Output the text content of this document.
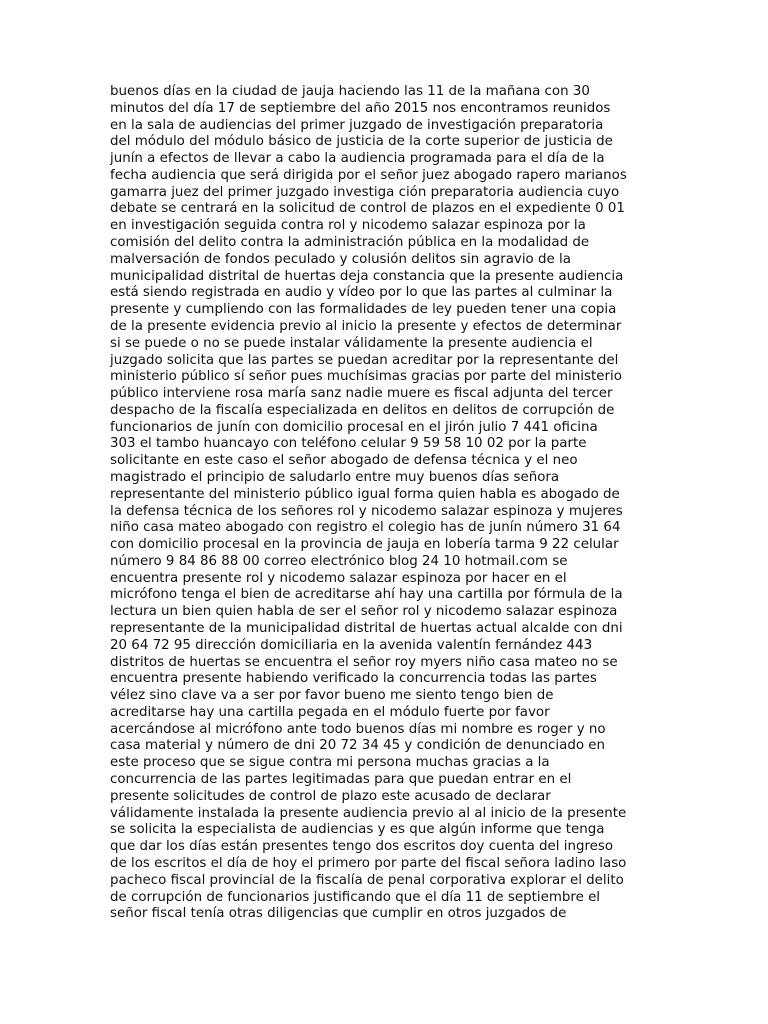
buenos días en la ciudad de jauja haciendo las 11 de la mañana con 30
minutos del día 17 de septiembre del año 2015 nos encontramos reunidos
en la sala de audiencias del primer juzgado de investigación preparatoria
del módulo del módulo básico de justicia de la corte superior de justicia de
junín a efectos de llevar a cabo la audiencia programada para el día de la
fecha audiencia que será dirigida por el señor juez abogado rapero marianos
gamarra juez del primer juzgado investiga ción preparatoria audiencia cuyo
debate se centrará en la solicitud de control de plazos en el expediente 0 01
en investigación seguida contra rol y nicodemo salazar espinoza por la
comisión del delito contra la administración pública en la modalidad de
malversación de fondos peculado y colusión delitos sin agravio de la
municipalidad distrital de huertas deja constancia que la presente audiencia
está siendo registrada en audio y vídeo por lo que las partes al culminar la
presente y cumpliendo con las formalidades de ley pueden tener una copia
de la presente evidencia previo al inicio la presente y efectos de determinar
si se puede o no se puede instalar válidamente la presente audiencia el
juzgado solicita que las partes se puedan acreditar por la representante del
ministerio público sí señor pues muchísimas gracias por parte del ministerio
público interviene rosa maría sanz nadie muere es fiscal adjunta del tercer
despacho de la fiscalía especializada en delitos en delitos de corrupción de
funcionarios de junín con domicilio procesal en el jirón julio 7 441 oficina
303 el tambo huancayo con teléfono celular 9 59 58 10 02 por la parte
solicitante en este caso el señor abogado de defensa técnica y el neo
magistrado el principio de saludarlo entre muy buenos días señora
representante del ministerio público igual forma quien habla es abogado de
la defensa técnica de los señores rol y nicodemo salazar espinoza y mujeres
niño casa mateo abogado con registro el colegio has de junín número 31 64
con domicilio procesal en la provincia de jauja en lobería tarma 9 22 celular
número 9 84 86 88 00 correo electrónico blog 24 10 hotmail.com se
encuentra presente rol y nicodemo salazar espinoza por hacer en el
micrófono tenga el bien de acreditarse ahí hay una cartilla por fórmula de la
lectura un bien quien habla de ser el señor rol y nicodemo salazar espinoza
representante de la municipalidad distrital de huertas actual alcalde con dni
20 64 72 95 dirección domiciliaria en la avenida valentín fernández 443
distritos de huertas se encuentra el señor roy myers niño casa mateo no se
encuentra presente habiendo verificado la concurrencia todas las partes
vélez sino clave va a ser por favor bueno me siento tengo bien de
acreditarse hay una cartilla pegada en el módulo fuerte por favor
acercándose al micrófono ante todo buenos días mi nombre es roger y no
casa material y número de dni 20 72 34 45 y condición de denunciado en
este proceso que se sigue contra mi persona muchas gracias a la
concurrencia de las partes legitimadas para que puedan entrar en el
presente solicitudes de control de plazo este acusado de declarar
válidamente instalada la presente audiencia previo al al inicio de la presente
se solicita la especialista de audiencias y es que algún informe que tenga
que dar los días están presentes tengo dos escritos doy cuenta del ingreso
de los escritos el día de hoy el primero por parte del fiscal señora ladino laso
pacheco fiscal provincial de la fiscalía de penal corporativa explorar el delito
de corrupción de funcionarios justificando que el día 11 de septiembre el
señor fiscal tenía otras diligencias que cumplir en otros juzgados de
